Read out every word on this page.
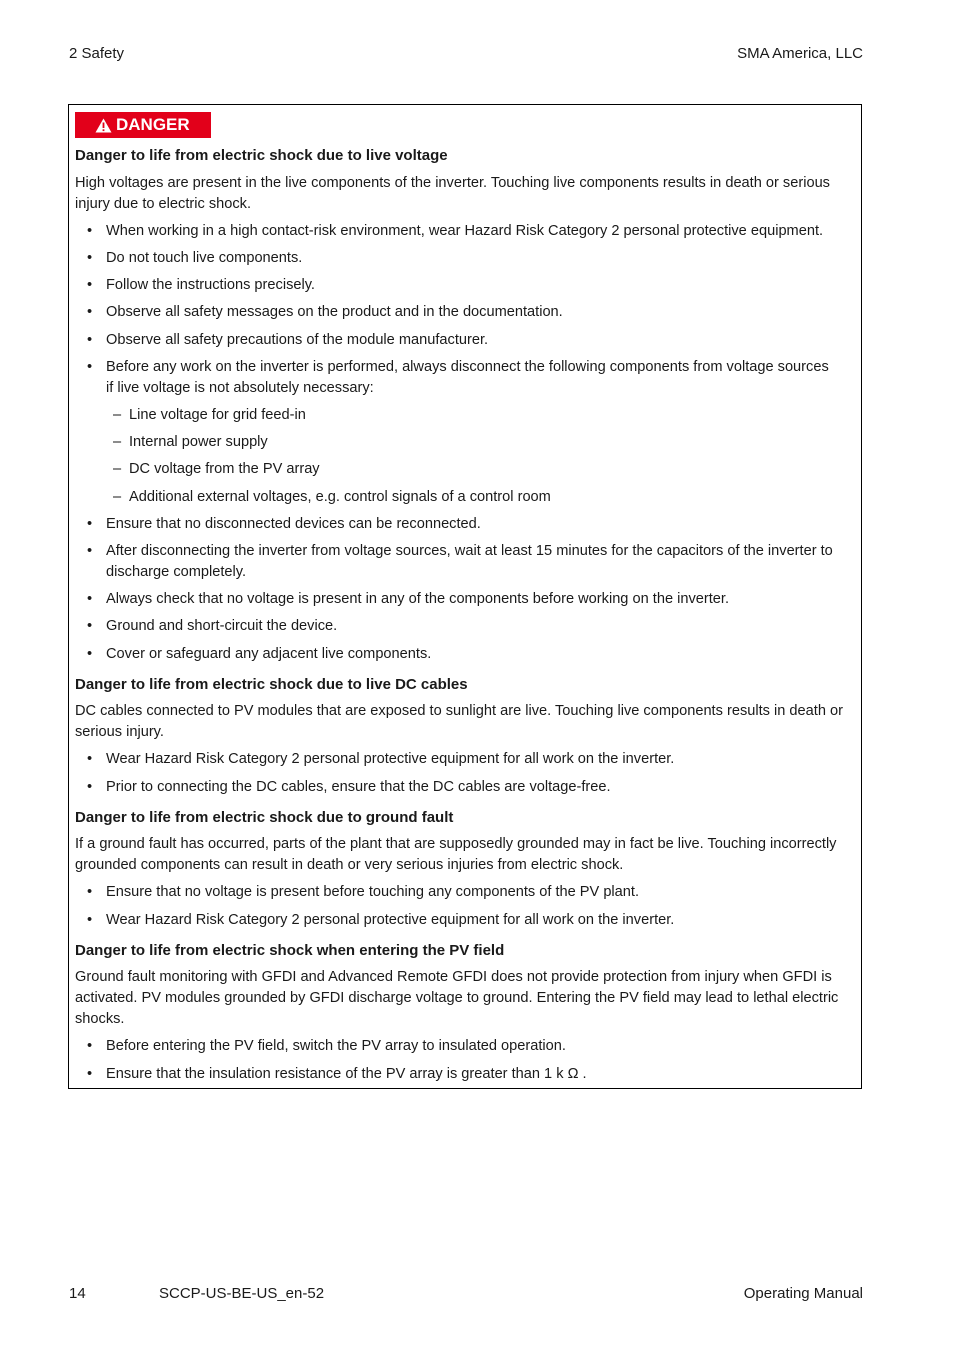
2 Safety	SMA America, LLC
DANGER
Danger to life from electric shock due to live voltage
High voltages are present in the live components of the inverter. Touching live components results in death or serious
injury due to electric shock.
• When working in a high contact-risk environment, wear Hazard Risk Category 2 personal protective equipment.
• Do not touch live components.
• Follow the instructions precisely.
• Observe all safety messages on the product and in the documentation.
• Observe all safety precautions of the module manufacturer.
• Before any work on the inverter is performed, always disconnect the following components from voltage sources
if live voltage is not absolutely necessary:
– Line voltage for grid feed-in
– Internal power supply
– DC voltage from the PV array
– Additional external voltages, e.g. control signals of a control room
• Ensure that no disconnected devices can be reconnected.
• After disconnecting the inverter from voltage sources, wait at least 15 minutes for the capacitors of the inverter to
discharge completely.
• Always check that no voltage is present in any of the components before working on the inverter.
• Ground and short-circuit the device.
• Cover or safeguard any adjacent live components.
Danger to life from electric shock due to live DC cables
DC cables connected to PV modules that are exposed to sunlight are live. Touching live components results in death or
serious injury.
• Wear Hazard Risk Category 2 personal protective equipment for all work on the inverter.
• Prior to connecting the DC cables, ensure that the DC cables are voltage-free.
Danger to life from electric shock due to ground fault
If a ground fault has occurred, parts of the plant that are supposedly grounded may in fact be live. Touching incorrectly
grounded components can result in death or very serious injuries from electric shock.
• Ensure that no voltage is present before touching any components of the PV plant.
• Wear Hazard Risk Category 2 personal protective equipment for all work on the inverter.
Danger to life from electric shock when entering the PV field
Ground fault monitoring with GFDI and Advanced Remote GFDI does not provide protection from injury when GFDI is
activated. PV modules grounded by GFDI discharge voltage to ground. Entering the PV field may lead to lethal electric
shocks.
• Before entering the PV field, switch the PV array to insulated operation.
• Ensure that the insulation resistance of the PV array is greater than 1 k Ω .
14	SCCP-US-BE-US_en-52	Operating Manual
